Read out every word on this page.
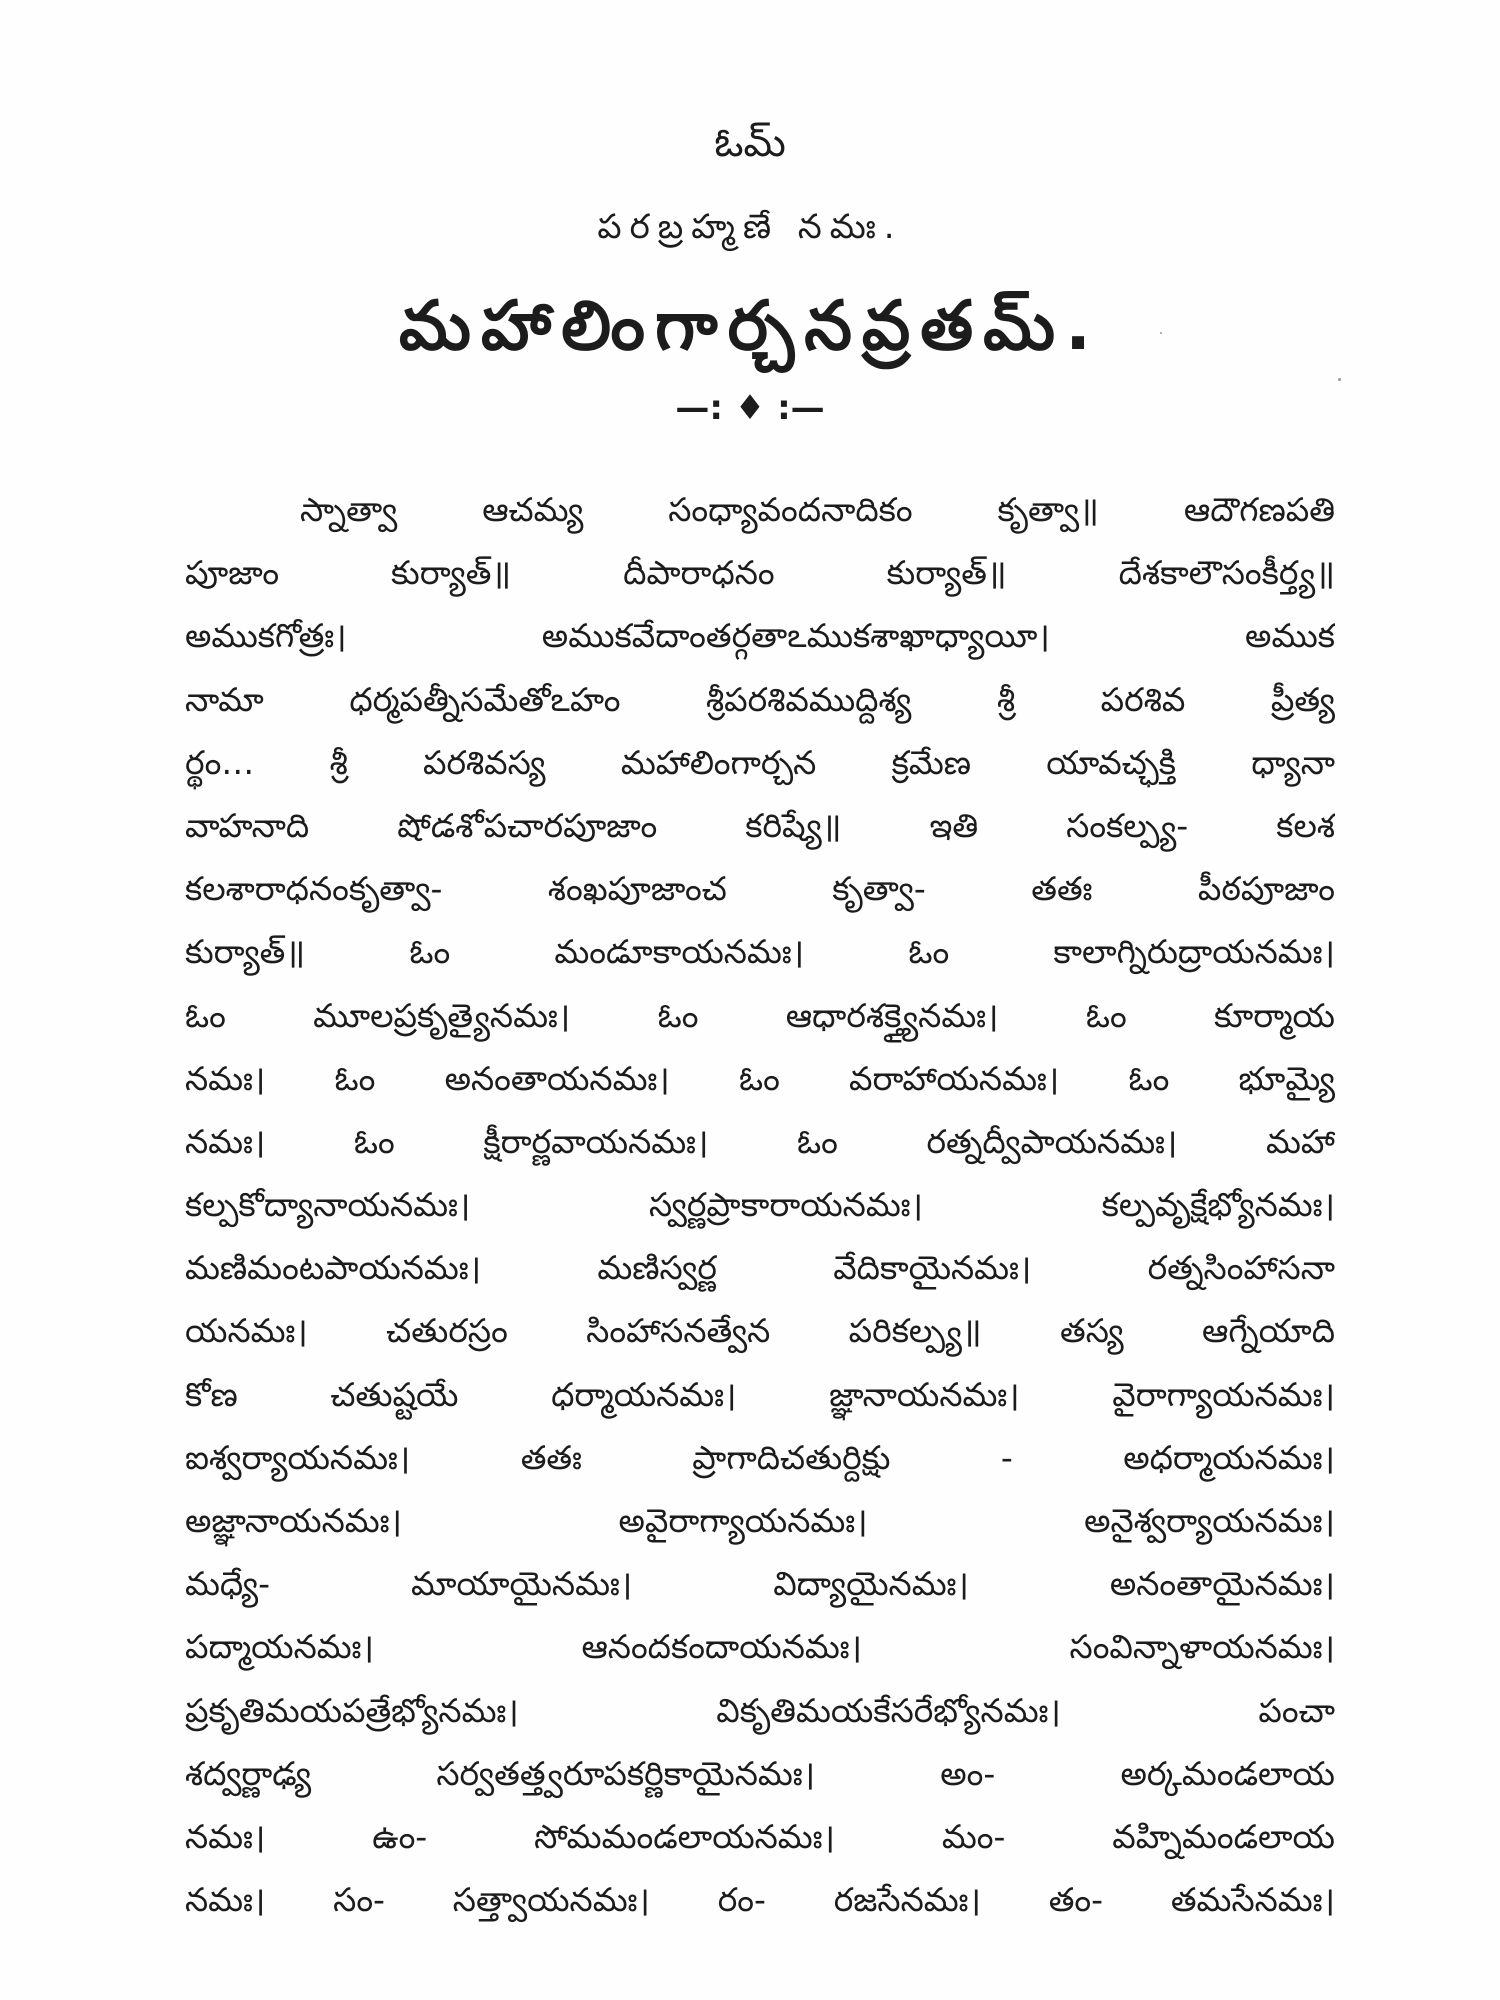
ఓమ్
పరబ్రహ్మణే నమః.
మహాలింగార్చనవ్రతమ్.
—: ♦ :—
స్నాత్వా ఆచమ్య సంధ్యావందనాదికం కృత్వా॥ ఆదౌగణపతి
పూజాం కుర్యాత్॥ దీపారాధనం కుర్యాత్॥ దేశకాలౌసంకీర్త్య॥
అముకగోత్రః। అముకవేదాంతర్గతాఽముకశాఖాధ్యాయీ। అముక
నామా ధర్మపత్నీసమేతోఽహం శ్రీపరశివముద్దిశ్య శ్రీ పరశివ ప్రీత్య
ర్థం… శ్రీ పరశివస్య మహాలింగార్చన క్రమేణ యావచ్ఛక్తి ధ్యానా
వాహనాది షోడశోపచారపూజాం కరిష్యే॥ ఇతి సంకల్ప్య- కలశ
కలశారాధనంకృత్వా- శంఖపూజాంచ కృత్వా- తతః పీఠపూజాం
కుర్యాత్॥ ఓం మండూకాయనమః। ఓం కాలాగ్నిరుద్రాయనమః।
ఓం మూలప్రకృత్యైనమః। ఓం ఆధారశక్త్యైనమః। ఓం కూర్మాయ
నమః। ఓం అనంతాయనమః। ఓం వరాహాయనమః। ఓం భూమ్యై
నమః। ఓం క్షీరార్ణవాయనమః। ఓం రత్నద్వీపాయనమః। మహా
కల్పకోద్యానాయనమః। స్వర్ణప్రాకారాయనమః। కల్పవృక్షేభ్యోనమః।
మణిమంటపాయనమః। మణిస్వర్ణ వేదికాయైనమః। రత్నసింహాసనా
యనమః। చతురస్రం సింహాసనత్వేన పరికల్ప్య॥ తస్య ఆగ్నేయాది
కోణ చతుష్టయే ధర్మాయనమః। జ్ఞానాయనమః। వైరాగ్యాయనమః।
ఐశ్వర్యాయనమః। తతః ప్రాగాదిచతుర్దిక్షు - అధర్మాయనమః।
అజ్ఞానాయనమః। అవైరాగ్యాయనమః। అనైశ్వర్యాయనమః।
మధ్యే- మాయాయైనమః। విద్యాయైనమః। అనంతాయైనమః।
పద్మాయనమః। ఆనందకందాయనమః। సంవిన్నాళాయనమః।
ప్రకృతిమయపత్రేభ్యోనమః। వికృతిమయకేసరేభ్యోనమః। పంచా
శద్వర్ణాఢ్య సర్వతత్త్వరూపకర్ణికాయైనమః। అం- అర్కమండలాయ
నమః। ఉం- సోమమండలాయనమః। మం- వహ్నిమండలాయ
నమః। సం- సత్త్వాయనమః। రం- రజసేనమః। తం- తమసేనమః।
